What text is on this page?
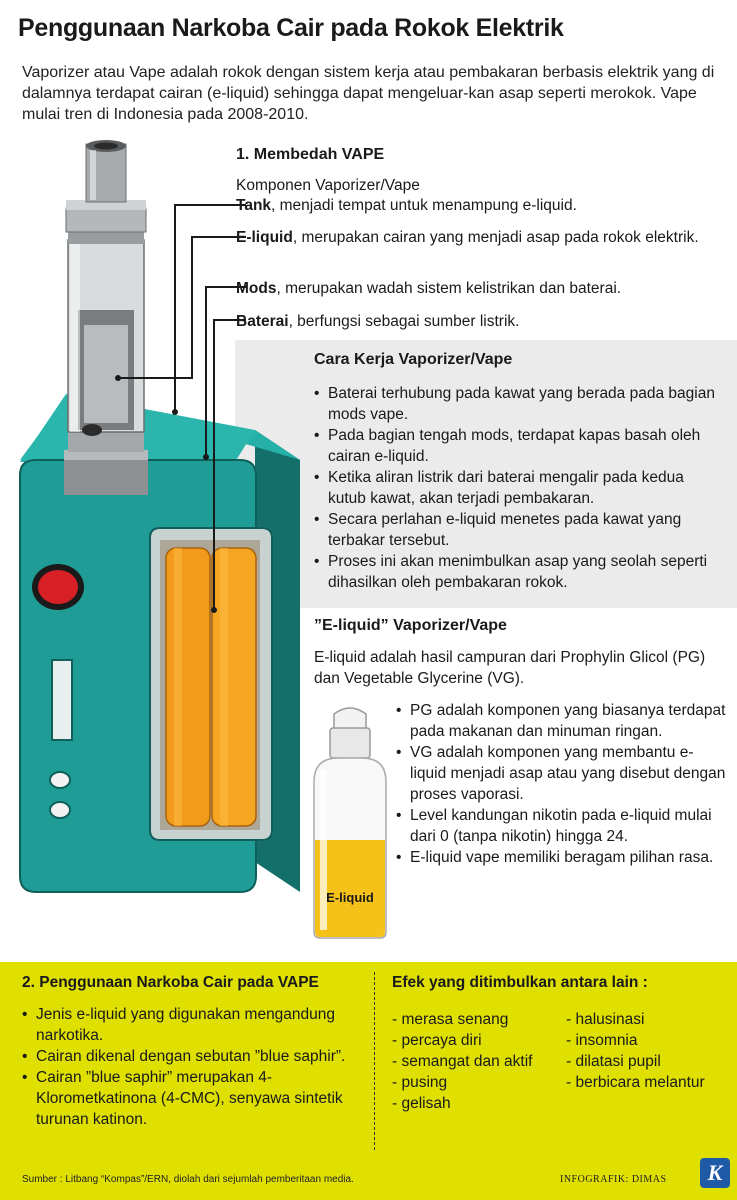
Penggunaan Narkoba Cair pada Rokok Elektrik
Vaporizer atau Vape adalah rokok dengan sistem kerja atau pembakaran berbasis elektrik yang di dalamnya terdapat cairan (e-liquid) sehingga dapat mengeluar-kan asap seperti merokok. Vape mulai tren di Indonesia pada 2008-2010.
E-liquid
1. Membedah VAPE
Komponen Vaporizer/Vape
Tank, menjadi tempat untuk menampung e-liquid.
E-liquid, merupakan cairan yang menjadi asap pada rokok elektrik.
Mods, merupakan wadah sistem kelistrikan dan baterai.
Baterai, berfungsi sebagai sumber listrik.
Cara Kerja Vaporizer/Vape
• Baterai terhubung pada kawat yang berada pada bagian mods vape.
• Pada bagian tengah mods, terdapat kapas basah oleh cairan e-liquid.
• Ketika aliran listrik dari baterai mengalir pada kedua kutub kawat, akan terjadi pembakaran.
• Secara perlahan e-liquid menetes pada kawat yang terbakar tersebut.
• Proses ini akan menimbulkan asap yang seolah seperti dihasilkan oleh pembakaran rokok.
”E-liquid” Vaporizer/Vape
E-liquid adalah hasil campuran dari Prophylin Glicol (PG) dan Vegetable Glycerine (VG).
• PG adalah komponen yang biasanya terdapat pada makanan dan minuman ringan.
• VG adalah komponen yang membantu e-liquid menjadi asap atau yang disebut dengan proses vaporasi.
• Level kandungan nikotin pada e-liquid mulai dari 0 (tanpa nikotin) hingga 24.
• E-liquid vape memiliki beragam pilihan rasa.
2. Penggunaan Narkoba Cair pada VAPE
• Jenis e-liquid yang digunakan mengandung narkotika.
• Cairan dikenal dengan sebutan ”blue saphir”.
• Cairan ”blue saphir” merupakan 4-Klorometkatinona (4-CMC), senyawa sintetik turunan katinon.
Efek yang ditimbulkan antara lain :
- merasa senang
- percaya diri
- semangat dan aktif
- pusing
- gelisah
- halusinasi
- insomnia
- dilatasi pupil
- berbicara melantur
Sumber : Litbang “Kompas”/ERN, diolah dari sejumlah pemberitaan media.	INFOGRAFIK: DIMAS	K
